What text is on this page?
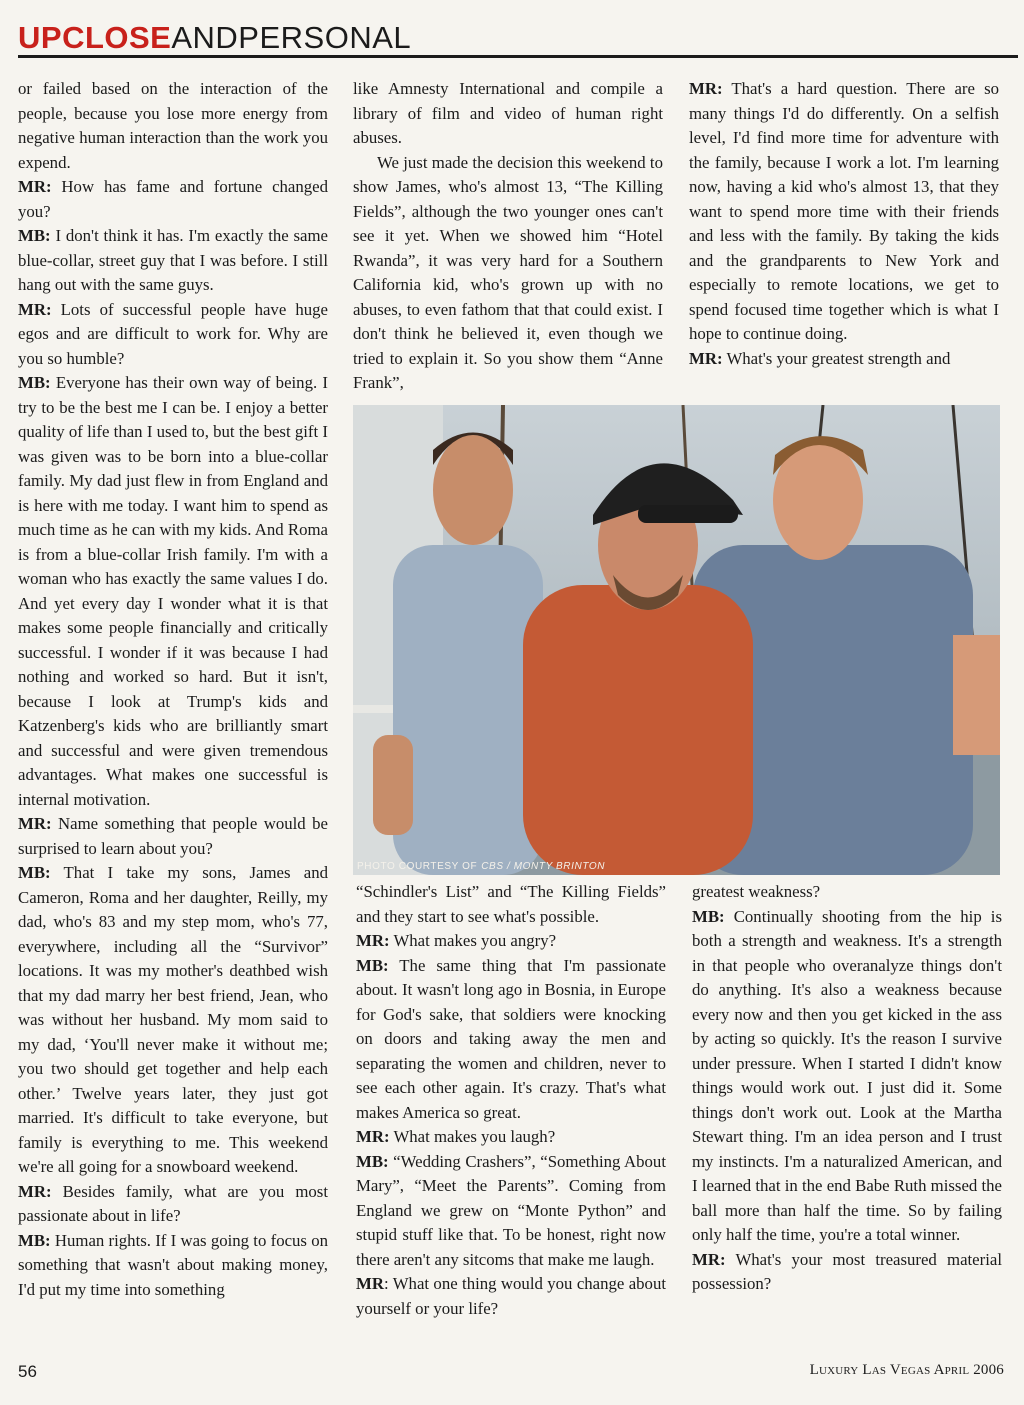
UPCLOSEANDPERSONAL

or failed based on the interaction of the people, because you lose more energy from negative human interaction than the work you expend.

MR: How has fame and fortune changed you?

MB: I don't think it has. I'm exactly the same blue-collar, street guy that I was before. I still hang out with the same guys.

MR: Lots of successful people have huge egos and are difficult to work for. Why are you so humble?

MB: Everyone has their own way of being. I try to be the best me I can be. I enjoy a better quality of life than I used to, but the best gift I was given was to be born into a blue-collar family. My dad just flew in from England and is here with me today. I want him to spend as much time as he can with my kids. And Roma is from a blue-collar Irish family. I'm with a woman who has exactly the same values I do. And yet every day I wonder what it is that makes some people financially and critically successful. I wonder if it was because I had nothing and worked so hard. But it isn't, because I look at Trump's kids and Katzenberg's kids who are brilliantly smart and successful and were given tremendous advantages. What makes one successful is internal motivation.

MR: Name something that people would be surprised to learn about you?

MB: That I take my sons, James and Cameron, Roma and her daughter, Reilly, my dad, who's 83 and my step mom, who's 77, everywhere, including all the “Survivor” locations. It was my mother's deathbed wish that my dad marry her best friend, Jean, who was without her husband. My mom said to my dad, ‘You'll never make it without me; you two should get together and help each other.’ Twelve years later, they just got married. It's difficult to take everyone, but family is everything to me. This weekend we're all going for a snowboard weekend.

MR: Besides family, what are you most passionate about in life?

MB: Human rights. If I was going to focus on something that wasn't about making money, I'd put my time into something

like Amnesty International and compile a library of film and video of human right abuses.

We just made the decision this weekend to show James, who's almost 13, “The Killing Fields”, although the two younger ones can't see it yet. When we showed him “Hotel Rwanda”, it was very hard for a Southern California kid, who's grown up with no abuses, to even fathom that that could exist. I don't think he believed it, even though we tried to explain it. So you show them “Anne Frank”,

MR: That's a hard question. There are so many things I'd do differently. On a selfish level, I'd find more time for adventure with the family, because I work a lot. I'm learning now, having a kid who's almost 13, that they want to spend more time with their friends and less with the family. By taking the kids and the grandparents to New York and especially to remote locations, we get to spend focused time together which is what I hope to continue doing.

MR: What's your greatest strength and

PHOTO COURTESY OF CBS / MONTY BRINTON

“Schindler's List” and “The Killing Fields” and they start to see what's possible.

MR: What makes you angry?

MB: The same thing that I'm passionate about. It wasn't long ago in Bosnia, in Europe for God's sake, that soldiers were knocking on doors and taking away the men and separating the women and children, never to see each other again. It's crazy. That's what makes America so great.

MR: What makes you laugh?

MB: “Wedding Crashers”, “Something About Mary”, “Meet the Parents”. Coming from England we grew on “Monte Python” and stupid stuff like that. To be honest, right now there aren't any sitcoms that make me laugh.

MR: What one thing would you change about yourself or your life?

greatest weakness?

MB: Continually shooting from the hip is both a strength and weakness. It's a strength in that people who overanalyze things don't do anything. It's also a weakness because every now and then you get kicked in the ass by acting so quickly. It's the reason I survive under pressure. When I started I didn't know things would work out. I just did it. Some things don't work out. Look at the Martha Stewart thing. I'm an idea person and I trust my instincts. I'm a naturalized American, and I learned that in the end Babe Ruth missed the ball more than half the time. So by failing only half the time, you're a total winner.

MR: What's your most treasured material possession?

56	Luxury Las Vegas April 2006
